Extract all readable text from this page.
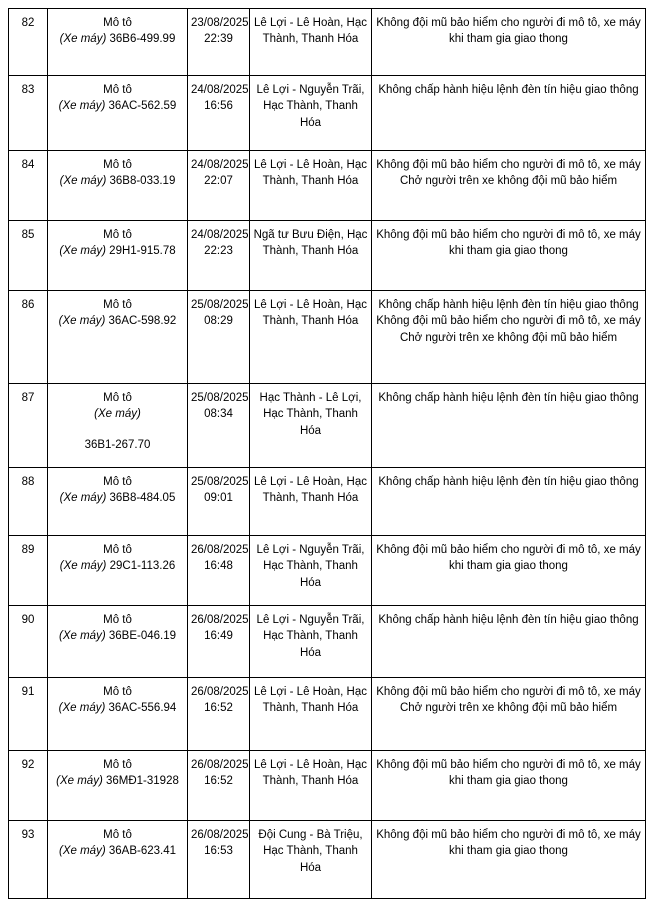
82	Mô tô
(Xe máy) 36B6-499.99	23/08/2025
22:39	Lê Lợi - Lê Hoàn, Hạc Thành, Thanh Hóa	Không đội mũ bảo hiểm cho người đi mô tô, xe máy khi tham gia giao thong

83	Mô tô
(Xe máy) 36AC-562.59	24/08/2025
16:56	Lê Lợi - Nguyễn Trãi, Hạc Thành, Thanh Hóa	Không chấp hành hiệu lệnh đèn tín hiệu giao thông

84	Mô tô
(Xe máy) 36B8-033.19	24/08/2025
22:07	Lê Lợi - Lê Hoàn, Hạc Thành, Thanh Hóa	Không đội mũ bảo hiểm cho người đi mô tô, xe máy
Chở người trên xe không đội mũ bảo hiểm

85	Mô tô
(Xe máy) 29H1-915.78	24/08/2025
22:23	Ngã tư Bưu Điện, Hạc Thành, Thanh Hóa	Không đội mũ bảo hiểm cho người đi mô tô, xe máy khi tham gia giao thong

86	Mô tô
(Xe máy) 36AC-598.92	25/08/2025
08:29	Lê Lợi - Lê Hoàn, Hạc Thành, Thanh Hóa	Không chấp hành hiệu lệnh đèn tín hiệu giao thông
Không đội mũ bảo hiểm cho người đi mô tô, xe máy
Chở người trên xe không đội mũ bảo hiểm

87	Mô tô
(Xe máy)
36B1-267.70	25/08/2025
08:34	Hạc Thành - Lê Lợi, Hạc Thành, Thanh Hóa	Không chấp hành hiệu lệnh đèn tín hiệu giao thông

88	Mô tô
(Xe máy) 36B8-484.05	25/08/2025
09:01	Lê Lợi - Lê Hoàn, Hạc Thành, Thanh Hóa	Không chấp hành hiệu lệnh đèn tín hiệu giao thông

89	Mô tô
(Xe máy) 29C1-113.26	26/08/2025
16:48	Lê Lợi - Nguyễn Trãi, Hạc Thành, Thanh Hóa	Không đội mũ bảo hiểm cho người đi mô tô, xe máy khi tham gia giao thong

90	Mô tô
(Xe máy) 36BE-046.19	26/08/2025
16:49	Lê Lợi - Nguyễn Trãi, Hạc Thành, Thanh Hóa	Không chấp hành hiệu lệnh đèn tín hiệu giao thông

91	Mô tô
(Xe máy) 36AC-556.94	26/08/2025
16:52	Lê Lợi - Lê Hoàn, Hạc Thành, Thanh Hóa	Không đội mũ bảo hiểm cho người đi mô tô, xe máy
Chở người trên xe không đội mũ bảo hiểm

92	Mô tô
(Xe máy) 36MĐ1-31928	26/08/2025
16:52	Lê Lợi - Lê Hoàn, Hạc Thành, Thanh Hóa	Không đội mũ bảo hiểm cho người đi mô tô, xe máy khi tham gia giao thong

93	Mô tô
(Xe máy) 36AB-623.41	26/08/2025
16:53	Đội Cung - Bà Triệu, Hạc Thành, Thanh Hóa	Không đội mũ bảo hiểm cho người đi mô tô, xe máy khi tham gia giao thong
